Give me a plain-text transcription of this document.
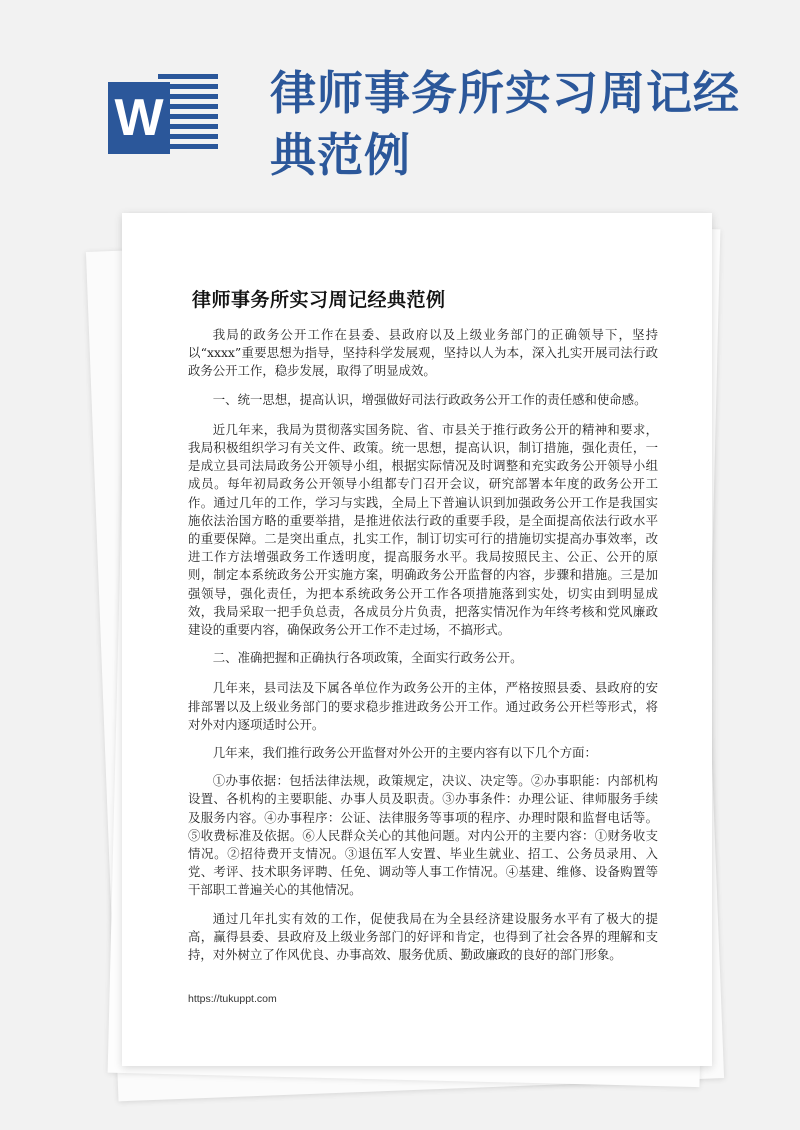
W 律师事务所实习周记经
典范例
律师事务所实习周记经典范例

我局的政务公开工作在县委、县政府以及上级业务部门的正确领导下，坚持以“xxxx”重要思想为指导，坚持科学发展观，坚持以人为本，深入扎实开展司法行政政务公开工作，稳步发展，取得了明显成效。

一、统一思想，提高认识，增强做好司法行政政务公开工作的责任感和使命感。

近几年来，我局为贯彻落实国务院、省、市县关于推行政务公开的精神和要求，我局积极组织学习有关文件、政策。统一思想，提高认识，制订措施，强化责任，一是成立县司法局政务公开领导小组，根据实际情况及时调整和充实政务公开领导小组成员。每年初局政务公开领导小组都专门召开会议，研究部署本年度的政务公开工作。通过几年的工作，学习与实践，全局上下普遍认识到加强政务公开工作是我国实施依法治国方略的重要举措，是推进依法行政的重要手段，是全面提高依法行政水平的重要保障。二是突出重点，扎实工作，制订切实可行的措施切实提高办事效率，改进工作方法增强政务工作透明度，提高服务水平。我局按照民主、公正、公开的原则，制定本系统政务公开实施方案，明确政务公开监督的内容，步骤和措施。三是加强领导，强化责任，为把本系统政务公开工作各项措施落到实处，切实由到明显成效，我局采取一把手负总责，各成员分片负责，把落实情况作为年终考核和党风廉政建设的重要内容，确保政务公开工作不走过场，不搞形式。

二、准确把握和正确执行各项政策，全面实行政务公开。

几年来，县司法及下属各单位作为政务公开的主体，严格按照县委、县政府的安排部署以及上级业务部门的要求稳步推进政务公开工作。通过政务公开栏等形式，将对外对内逐项适时公开。

几年来，我们推行政务公开监督对外公开的主要内容有以下几个方面：

①办事依据：包括法律法规，政策规定，决议、决定等。②办事职能：内部机构设置、各机构的主要职能、办事人员及职责。③办事条件：办理公证、律师服务手续及服务内容。④办事程序：公证、法律服务等事项的程序、办理时限和监督电话等。⑤收费标准及依据。⑥人民群众关心的其他问题。对内公开的主要内容：①财务收支情况。②招待费开支情况。③退伍军人安置、毕业生就业、招工、公务员录用、入党、考评、技术职务评聘、任免、调动等人事工作情况。④基建、维修、设备购置等干部职工普遍关心的其他情况。

通过几年扎实有效的工作，促使我局在为全县经济建设服务水平有了极大的提高，赢得县委、县政府及上级业务部门的好评和肯定，也得到了社会各界的理解和支持，对外树立了作风优良、办事高效、服务优质、勤政廉政的良好的部门形象。

https://tukuppt.com
